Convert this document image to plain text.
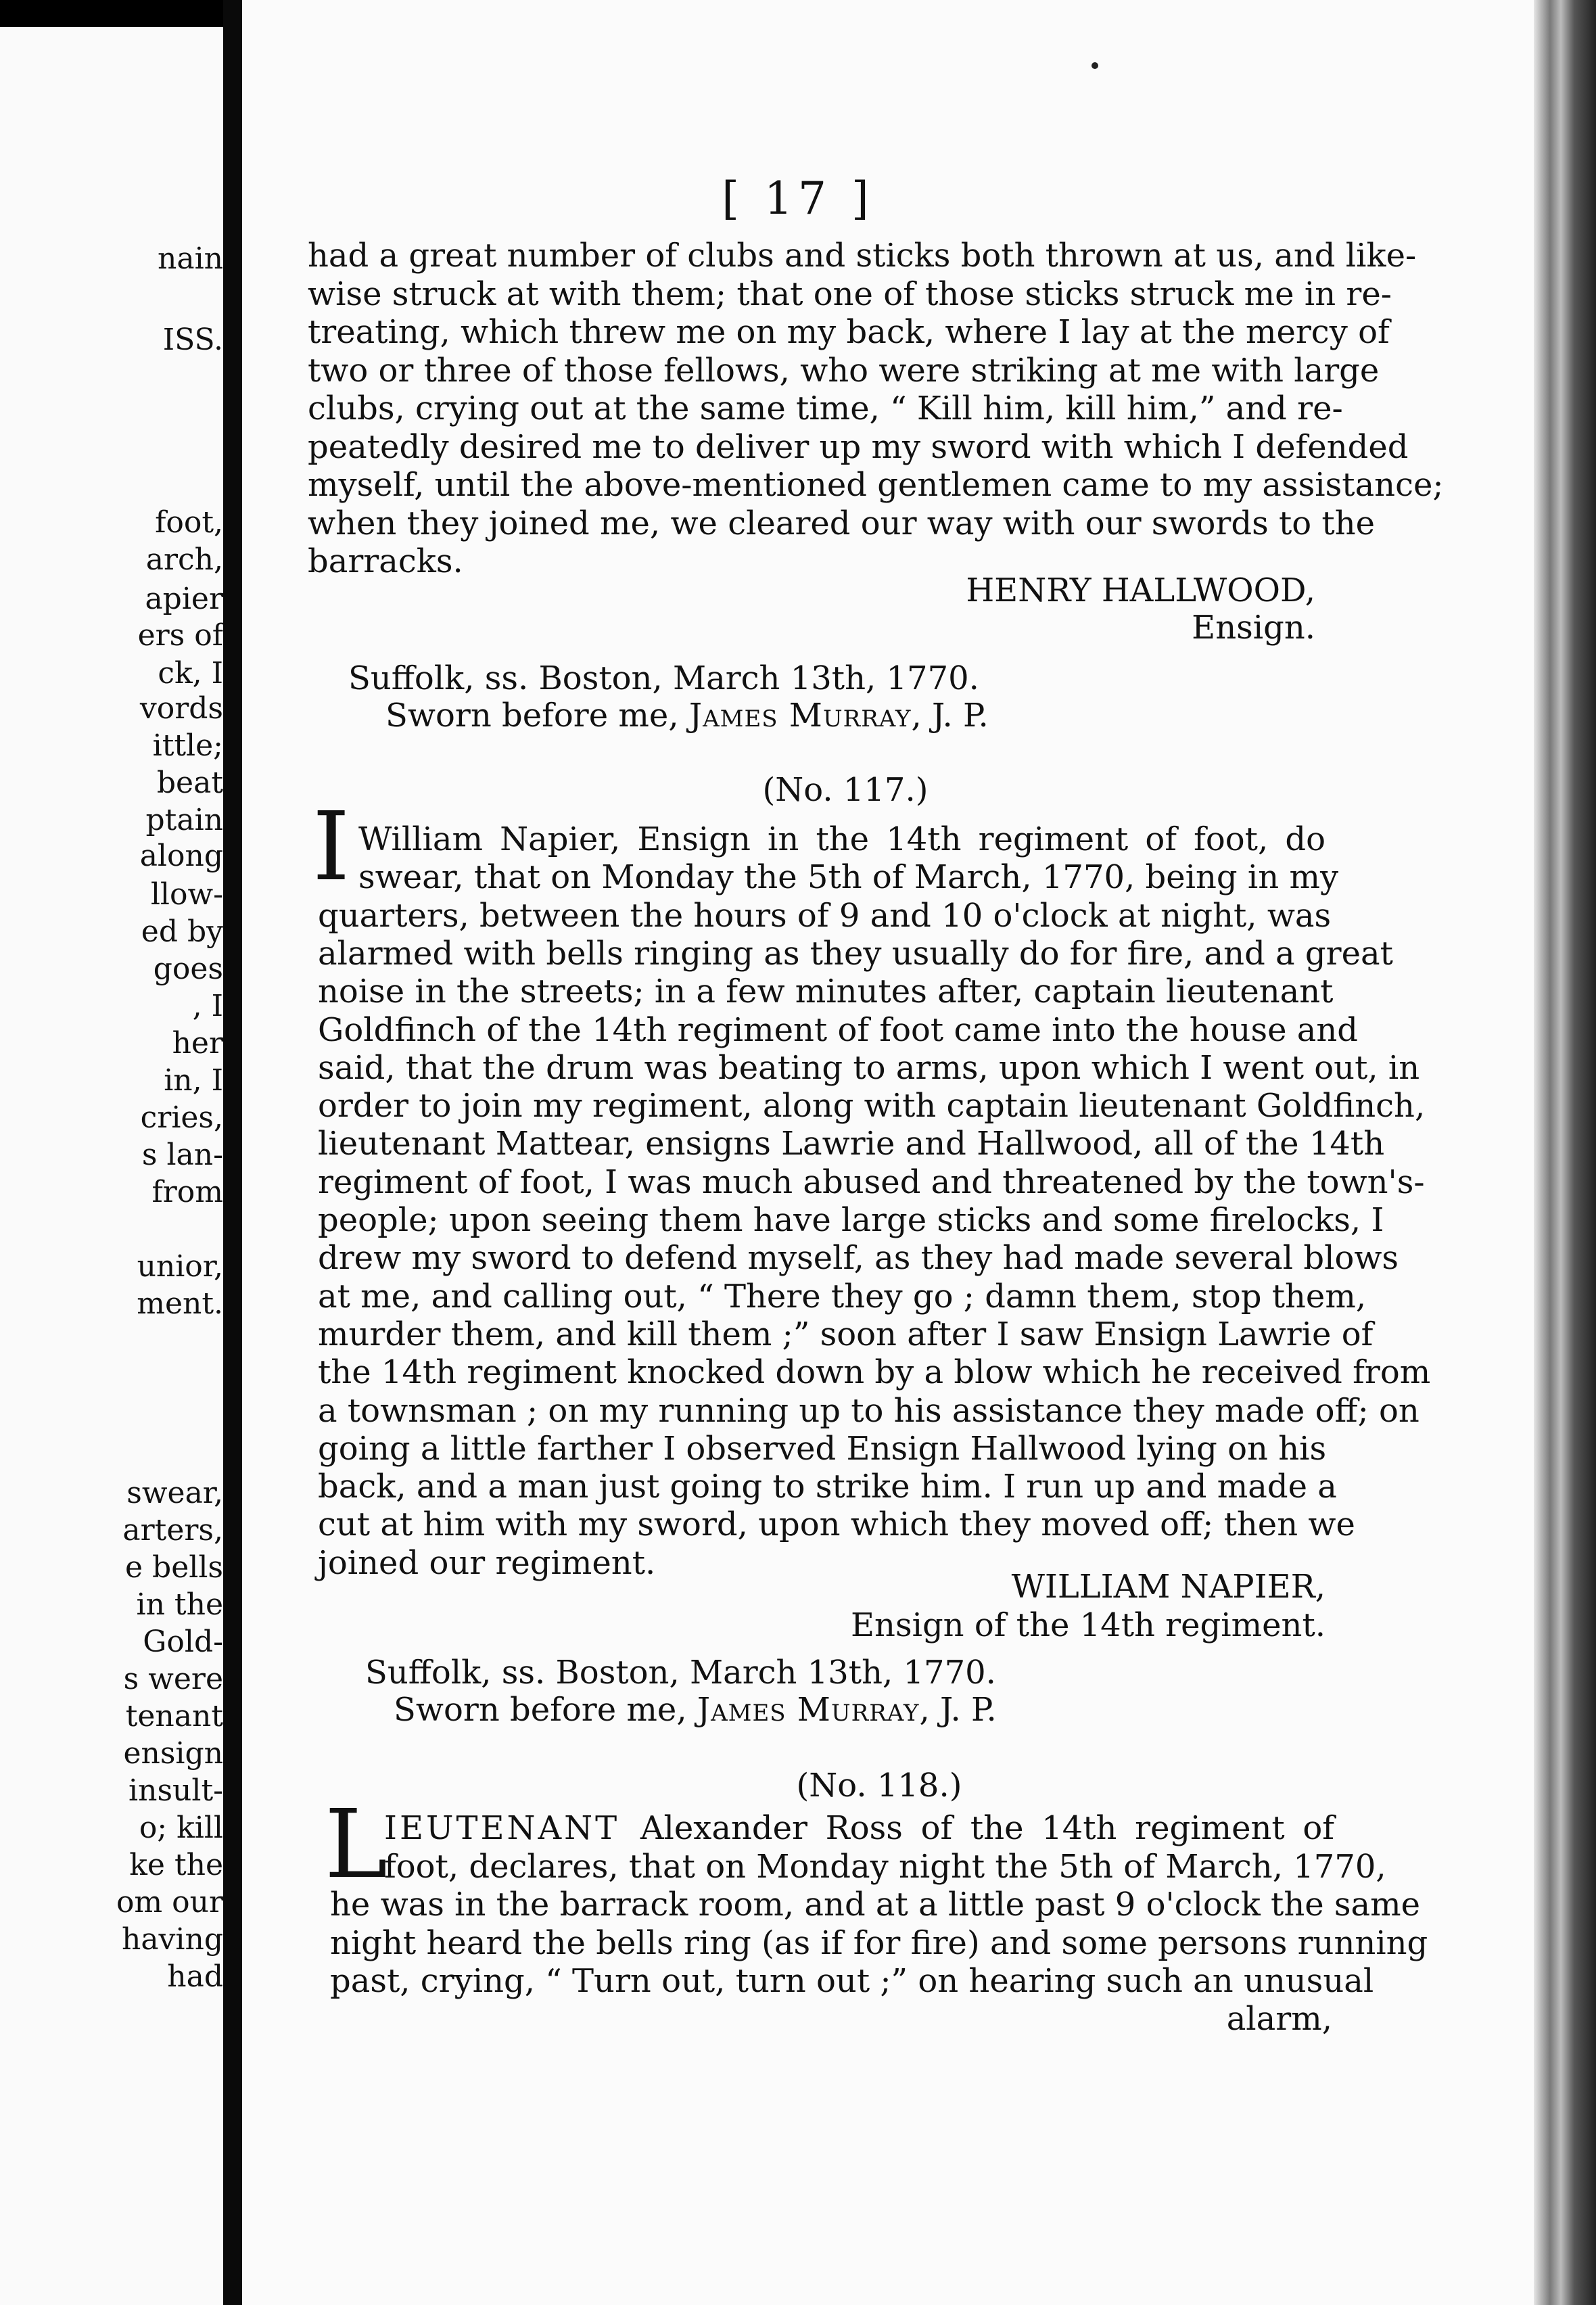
nain
ISS.
foot,
arch,
apier
ers of
ck, I
vords
ittle;
beat
ptain
along
llow-
ed by
goes
, I
her
in, I
cries,
s lan-
from
unior,
ment.
swear,
arters,
e bells
in the
Gold-
s were
tenant
ensign
insult-
o; kill
ke the
om our
having
had
[ 17 ]
had a great number of clubs and sticks both thrown at us, and like-
wise struck at with them; that one of those sticks struck me in re-
treating, which threw me on my back, where I lay at the mercy of
two or three of those fellows, who were striking at me with large
clubs, crying out at the same time, “ Kill him, kill him,” and re-
peatedly desired me to deliver up my sword with which I defended
myself, until the above-mentioned gentlemen came to my assistance;
when they joined me, we cleared our way with our swords to the
barracks.
HENRY HALLWOOD,
Ensign.
Suffolk, ss. Boston, March 13th, 1770.
Sworn before me, James Murray, J. P.
(No. 117.)
I William Napier, Ensign in the 14th regiment of foot, do
swear, that on Monday the 5th of March, 1770, being in my
quarters, between the hours of 9 and 10 o'clock at night, was
alarmed with bells ringing as they usually do for fire, and a great
noise in the streets; in a few minutes after, captain lieutenant
Goldfinch of the 14th regiment of foot came into the house and
said, that the drum was beating to arms, upon which I went out, in
order to join my regiment, along with captain lieutenant Goldfinch,
lieutenant Mattear, ensigns Lawrie and Hallwood, all of the 14th
regiment of foot, I was much abused and threatened by the town's-
people; upon seeing them have large sticks and some firelocks, I
drew my sword to defend myself, as they had made several blows
at me, and calling out, “ There they go ; damn them, stop them,
murder them, and kill them ;” soon after I saw Ensign Lawrie of
the 14th regiment knocked down by a blow which he received from
a townsman ; on my running up to his assistance they made off; on
going a little farther I observed Ensign Hallwood lying on his
back, and a man just going to strike him. I run up and made a
cut at him with my sword, upon which they moved off; then we
joined our regiment.
WILLIAM NAPIER,
Ensign of the 14th regiment.
Suffolk, ss. Boston, March 13th, 1770.
Sworn before me, James Murray, J. P.
(No. 118.)
L
IEUTENANT Alexander Ross of the 14th regiment of
foot, declares, that on Monday night the 5th of March, 1770,
he was in the barrack room, and at a little past 9 o'clock the same
night heard the bells ring (as if for fire) and some persons running
past, crying, “ Turn out, turn out ;” on hearing such an unusual
alarm,
